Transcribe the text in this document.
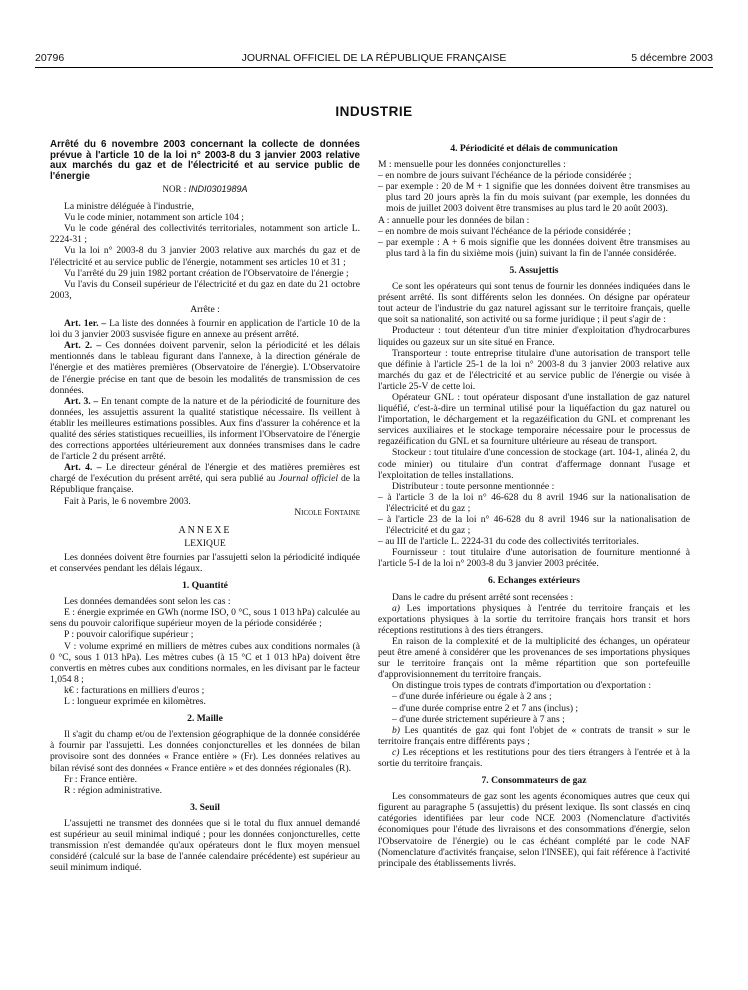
20796	JOURNAL OFFICIEL DE LA RÉPUBLIQUE FRANÇAISE	5 décembre 2003
INDUSTRIE

Arrêté du 6 novembre 2003 concernant la collecte de données prévue à l'article 10 de la loi n° 2003-8 du 3 janvier 2003 relative aux marchés du gaz et de l'électricité et au service public de l'énergie

NOR : INDI0301989A

La ministre déléguée à l'industrie,

Vu le code minier, notamment son article 104 ;

Vu le code général des collectivités territoriales, notamment son article L. 2224-31 ;

Vu la loi n° 2003-8 du 3 janvier 2003 relative aux marchés du gaz et de l'électricité et au service public de l'énergie, notamment ses articles 10 et 31 ;

Vu l'arrêté du 29 juin 1982 portant création de l'Observatoire de l'énergie ;

Vu l'avis du Conseil supérieur de l'électricité et du gaz en date du 21 octobre 2003,

Arrête :

Art. 1er. – La liste des données à fournir en application de l'article 10 de la loi du 3 janvier 2003 susvisée figure en annexe au présent arrêté.

Art. 2. – Ces données doivent parvenir, selon la périodicité et les délais mentionnés dans le tableau figurant dans l'annexe, à la direction générale de l'énergie et des matières premières (Observatoire de l'énergie). L'Observatoire de l'énergie précise en tant que de besoin les modalités de transmission de ces données.

Art. 3. – En tenant compte de la nature et de la périodicité de fourniture des données, les assujettis assurent la qualité statistique nécessaire. Ils veillent à établir les meilleures estimations possibles. Aux fins d'assurer la cohérence et la qualité des séries statistiques recueillies, ils informent l'Observatoire de l'énergie des corrections apportées ultérieurement aux données transmises dans le cadre de l'article 2 du présent arrêté.

Art. 4. – Le directeur général de l'énergie et des matières premières est chargé de l'exécution du présent arrêté, qui sera publié au Journal officiel de la République française.

Fait à Paris, le 6 novembre 2003.

Nicole Fontaine

ANNEXE

LEXIQUE

Les données doivent être fournies par l'assujetti selon la périodicité indiquée et conservées pendant les délais légaux.

1. Quantité

Les données demandées sont selon les cas :

E : énergie exprimée en GWh (norme ISO, 0 °C, sous 1 013 hPa) calculée au sens du pouvoir calorifique supérieur moyen de la période considérée ;

P : pouvoir calorifique supérieur ;

V : volume exprimé en milliers de mètres cubes aux conditions normales (à 0 °C, sous 1 013 hPa). Les mètres cubes (à 15 °C et 1 013 hPa) doivent être convertis en mètres cubes aux conditions normales, en les divisant par le facteur 1,054 8 ;

k€ : facturations en milliers d'euros ;

L : longueur exprimée en kilomètres.

2. Maille

Il s'agit du champ et/ou de l'extension géographique de la donnée considérée à fournir par l'assujetti. Les données conjoncturelles et les données de bilan provisoire sont des données « France entière » (Fr). Les données relatives au bilan révisé sont des données « France entière » et des données régionales (R).

Fr : France entière.

R : région administrative.

3. Seuil

L'assujetti ne transmet des données que si le total du flux annuel demandé est supérieur au seuil minimal indiqué ; pour les données conjoncturelles, cette transmission n'est demandée qu'aux opérateurs dont le flux moyen mensuel considéré (calculé sur la base de l'année calendaire précédente) est supérieur au seuil minimum indiqué.

4. Périodicité et délais de communication

M : mensuelle pour les données conjoncturelles :

– en nombre de jours suivant l'échéance de la période considérée ;

– par exemple : 20 de M + 1 signifie que les données doivent être transmises au plus tard 20 jours après la fin du mois suivant (par exemple, les données du mois de juillet 2003 doivent être transmises au plus tard le 20 août 2003).

A : annuelle pour les données de bilan :

– en nombre de mois suivant l'échéance de la période considérée ;

– par exemple : A + 6 mois signifie que les données doivent être transmises au plus tard à la fin du sixième mois (juin) suivant la fin de l'année considérée.

5. Assujettis

Ce sont les opérateurs qui sont tenus de fournir les données indiquées dans le présent arrêté. Ils sont différents selon les données. On désigne par opérateur tout acteur de l'industrie du gaz naturel agissant sur le territoire français, quelle que soit sa nationalité, son activité ou sa forme juridique ; il peut s'agir de :

Producteur : tout détenteur d'un titre minier d'exploitation d'hydrocarbures liquides ou gazeux sur un site situé en France.

Transporteur : toute entreprise titulaire d'une autorisation de transport telle que définie à l'article 25-1 de la loi n° 2003-8 du 3 janvier 2003 relative aux marchés du gaz et de l'électricité et au service public de l'énergie ou visée à l'article 25-V de cette loi.

Opérateur GNL : tout opérateur disposant d'une installation de gaz naturel liquéfié, c'est-à-dire un terminal utilisé pour la liquéfaction du gaz naturel ou l'importation, le déchargement et la regazéification du GNL et comprenant les services auxiliaires et le stockage temporaire nécessaire pour le processus de regazéification du GNL et sa fourniture ultérieure au réseau de transport.

Stockeur : tout titulaire d'une concession de stockage (art. 104-1, alinéa 2, du code minier) ou titulaire d'un contrat d'affermage donnant l'usage et l'exploitation de telles installations.

Distributeur : toute personne mentionnée :

– à l'article 3 de la loi n° 46-628 du 8 avril 1946 sur la nationalisation de l'électricité et du gaz ;

– à l'article 23 de la loi n° 46-628 du 8 avril 1946 sur la nationalisation de l'électricité et du gaz ;

– au III de l'article L. 2224-31 du code des collectivités territoriales.

Fournisseur : tout titulaire d'une autorisation de fourniture mentionné à l'article 5-I de la loi n° 2003-8 du 3 janvier 2003 précitée.

6. Echanges extérieurs

Dans le cadre du présent arrêté sont recensées :

a) Les importations physiques à l'entrée du territoire français et les exportations physiques à la sortie du territoire français hors transit et hors réceptions restitutions à des tiers étrangers.

En raison de la complexité et de la multiplicité des échanges, un opérateur peut être amené à considérer que les provenances de ses importations physiques sur le territoire français ont la même répartition que son portefeuille d'approvisionnement du territoire français.

On distingue trois types de contrats d'importation ou d'exportation :

– d'une durée inférieure ou égale à 2 ans ;

– d'une durée comprise entre 2 et 7 ans (inclus) ;

– d'une durée strictement supérieure à 7 ans ;

b) Les quantités de gaz qui font l'objet de « contrats de transit » sur le territoire français entre différents pays ;

c) Les réceptions et les restitutions pour des tiers étrangers à l'entrée et à la sortie du territoire français.

7. Consommateurs de gaz

Les consommateurs de gaz sont les agents économiques autres que ceux qui figurent au paragraphe 5 (assujettis) du présent lexique. Ils sont classés en cinq catégories identifiées par leur code NCE 2003 (Nomenclature d'activités économiques pour l'étude des livraisons et des consommations d'énergie, selon l'Observatoire de l'énergie) ou le cas échéant complété par le code NAF (Nomenclature d'activités française, selon l'INSEE), qui fait référence à l'activité principale des établissements livrés.
